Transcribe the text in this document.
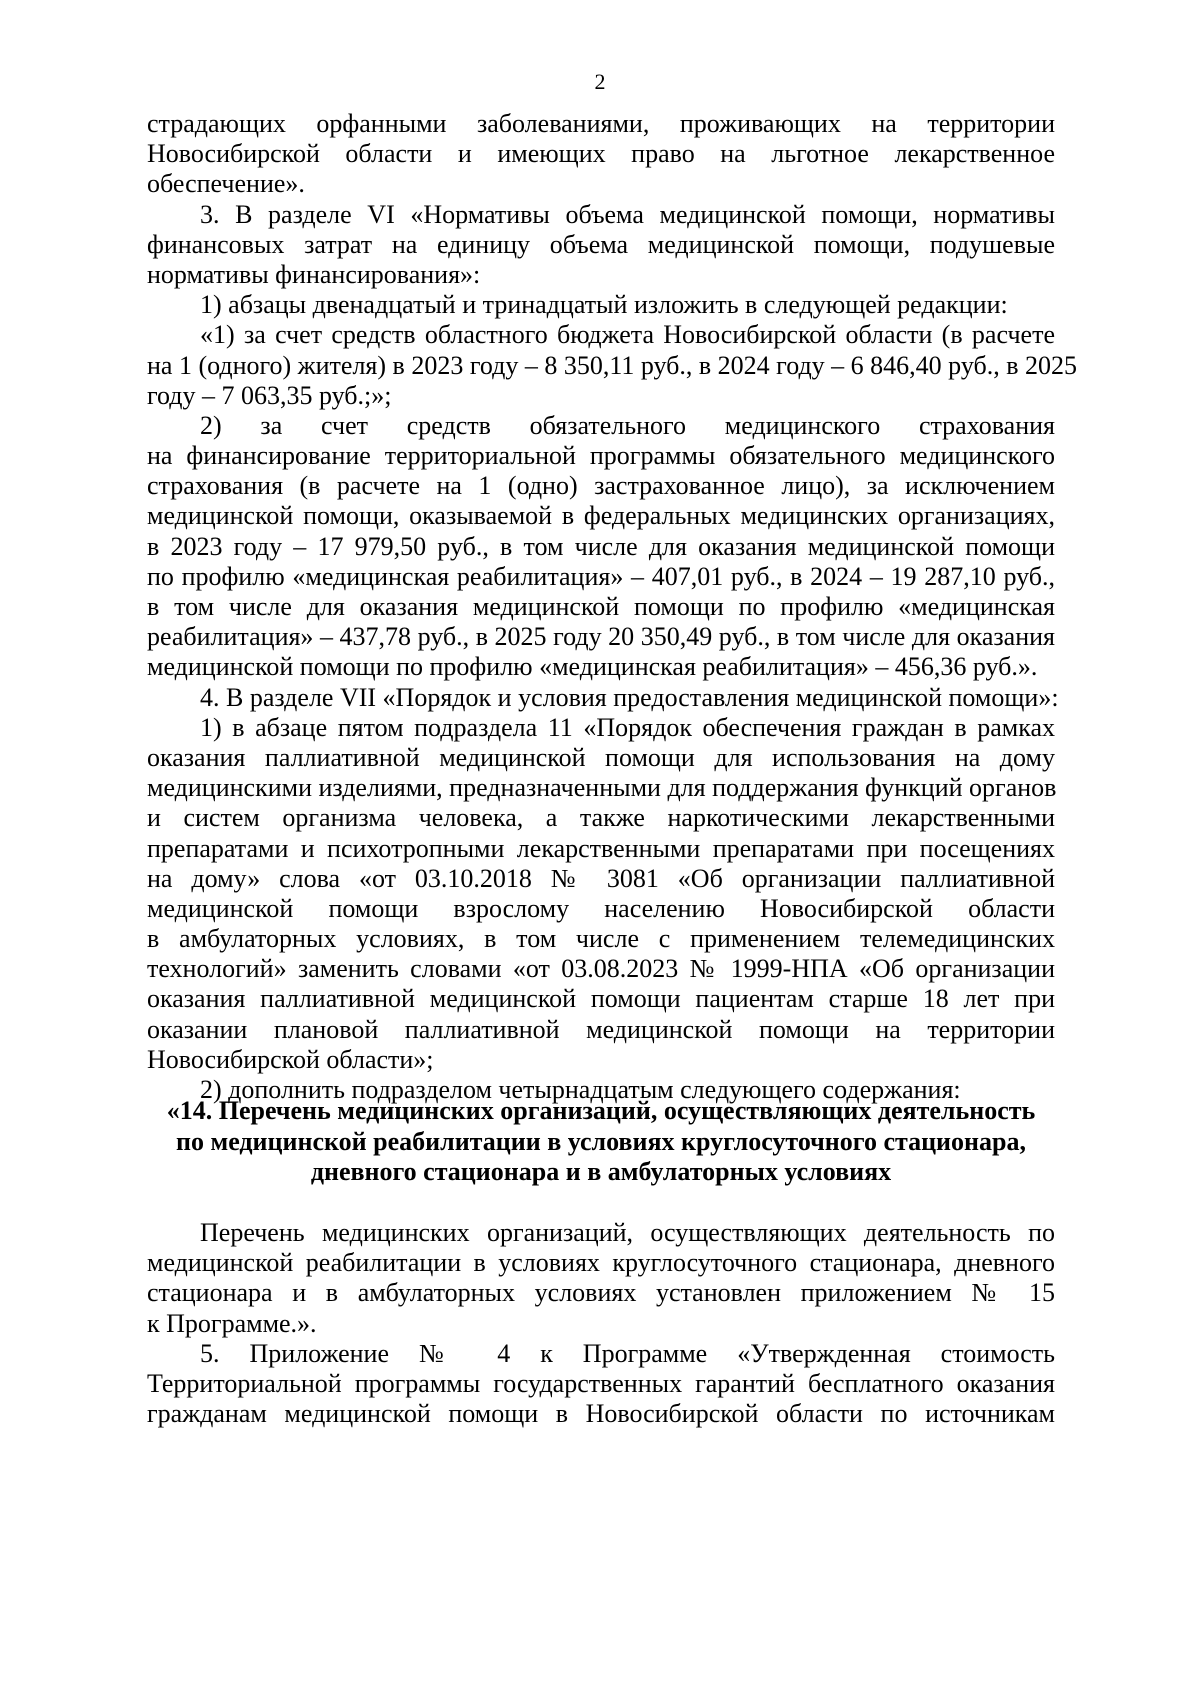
2
страдающих орфанными заболеваниями, проживающих на территории
Новосибирской области и имеющих право на льготное лекарственное
обеспечение».
3. В разделе VI «Нормативы объема медицинской помощи, нормативы
финансовых затрат на единицу объема медицинской помощи, подушевые
нормативы финансирования»:
1) абзацы двенадцатый и тринадцатый изложить в следующей редакции:
«1) за счет средств областного бюджета Новосибирской области (в расчете
на 1 (одного) жителя) в 2023 году – 8 350,11 руб., в 2024 году – 6 846,40 руб., в 2025
году – 7 063,35 руб.;»;
2) за счет средств обязательного медицинского страхования
на финансирование территориальной программы обязательного медицинского
страхования (в расчете на 1 (одно) застрахованное лицо), за исключением
медицинской помощи, оказываемой в федеральных медицинских организациях,
в 2023 году – 17 979,50 руб., в том числе для оказания медицинской помощи
по профилю «медицинская реабилитация» – 407,01 руб., в 2024 – 19 287,10 руб.,
в том числе для оказания медицинской помощи по профилю «медицинская
реабилитация» – 437,78 руб., в 2025 году 20 350,49 руб., в том числе для оказания
медицинской помощи по профилю «медицинская реабилитация» – 456,36 руб.».
4. В разделе VII «Порядок и условия предоставления медицинской помощи»:
1) в абзаце пятом подраздела 11 «Порядок обеспечения граждан в рамках
оказания паллиативной медицинской помощи для использования на дому
медицинскими изделиями, предназначенными для поддержания функций органов
и систем организма человека, а также наркотическими лекарственными
препаратами и психотропными лекарственными препаратами при посещениях
на дому» слова «от 03.10.2018 № 3081 «Об организации паллиативной
медицинской помощи взрослому населению Новосибирской области
в амбулаторных условиях, в том числе с применением телемедицинских
технологий» заменить словами «от 03.08.2023 № 1999-НПА «Об организации
оказания паллиативной медицинской помощи пациентам старше 18 лет при
оказании плановой паллиативной медицинской помощи на территории
Новосибирской области»;
2) дополнить подразделом четырнадцатым следующего содержания:
«14. Перечень медицинских организаций, осуществляющих деятельность
по медицинской реабилитации в условиях круглосуточного стационара,
дневного стационара и в амбулаторных условиях
Перечень медицинских организаций, осуществляющих деятельность по
медицинской реабилитации в условиях круглосуточного стационара, дневного
стационара и в амбулаторных условиях установлен приложением № 15
к Программе.».
5. Приложение № 4 к Программе «Утвержденная стоимость
Территориальной программы государственных гарантий бесплатного оказания
гражданам медицинской помощи в Новосибирской области по источникам
